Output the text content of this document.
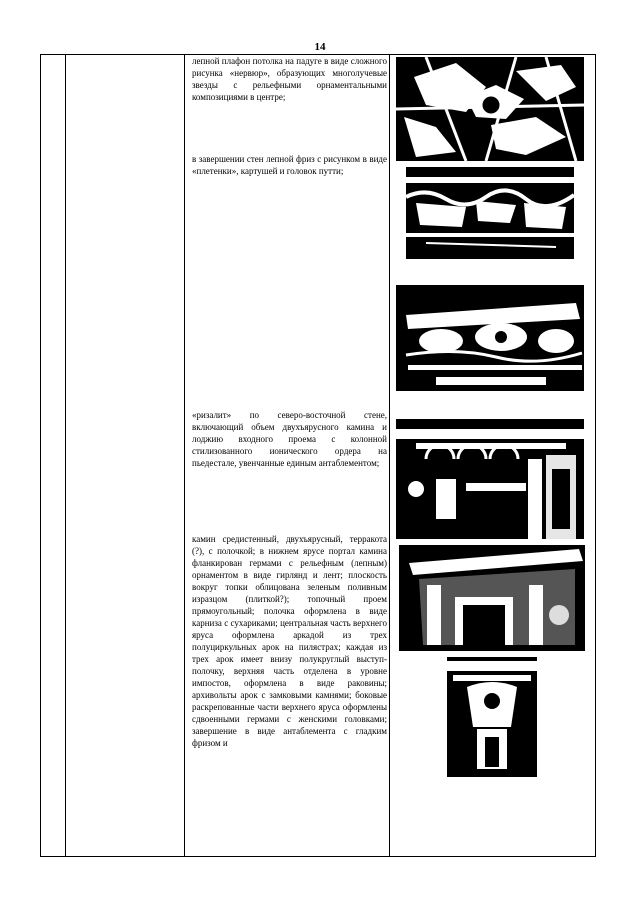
14

лепной плафон потолка на падуге в виде сложного рисунка «нервюр», образующих многолучевые звезды с рельефными орнаментальными композициями в центре;

в завершении стен лепной фриз с рисунком в виде «плетенки», картушей и головок путти;

«ризалит» по северо-восточной стене, включающий объем двухъярусного камина и лоджию входного проема с колонной стилизованного ионического ордера на пьедестале, увенчанные единым антаблементом;

камин средистенный, двухъярусный, терракота (?), с полочкой; в нижнем ярусе портал камина фланкирован гермами с рельефным (лепным) орнаментом в виде гирлянд и лент; плоскость вокруг топки облицована зеленым поливным изразцом (плиткой?); топочный проем прямоугольный; полочка оформлена в виде карниза с сухариками; центральная часть верхнего яруса оформлена аркадой из трех полуциркульных арок на пилястрах; каждая из трех арок имеет внизу полукруглый выступ-полочку, верхняя часть отделена в уровне импостов, оформлена в виде раковины; архивольты арок с замковыми камнями; боковые раскрепованные части верхнего яруса оформлены сдвоенными гермами с женскими головками; завершение в виде антаблемента с гладким фризом и
